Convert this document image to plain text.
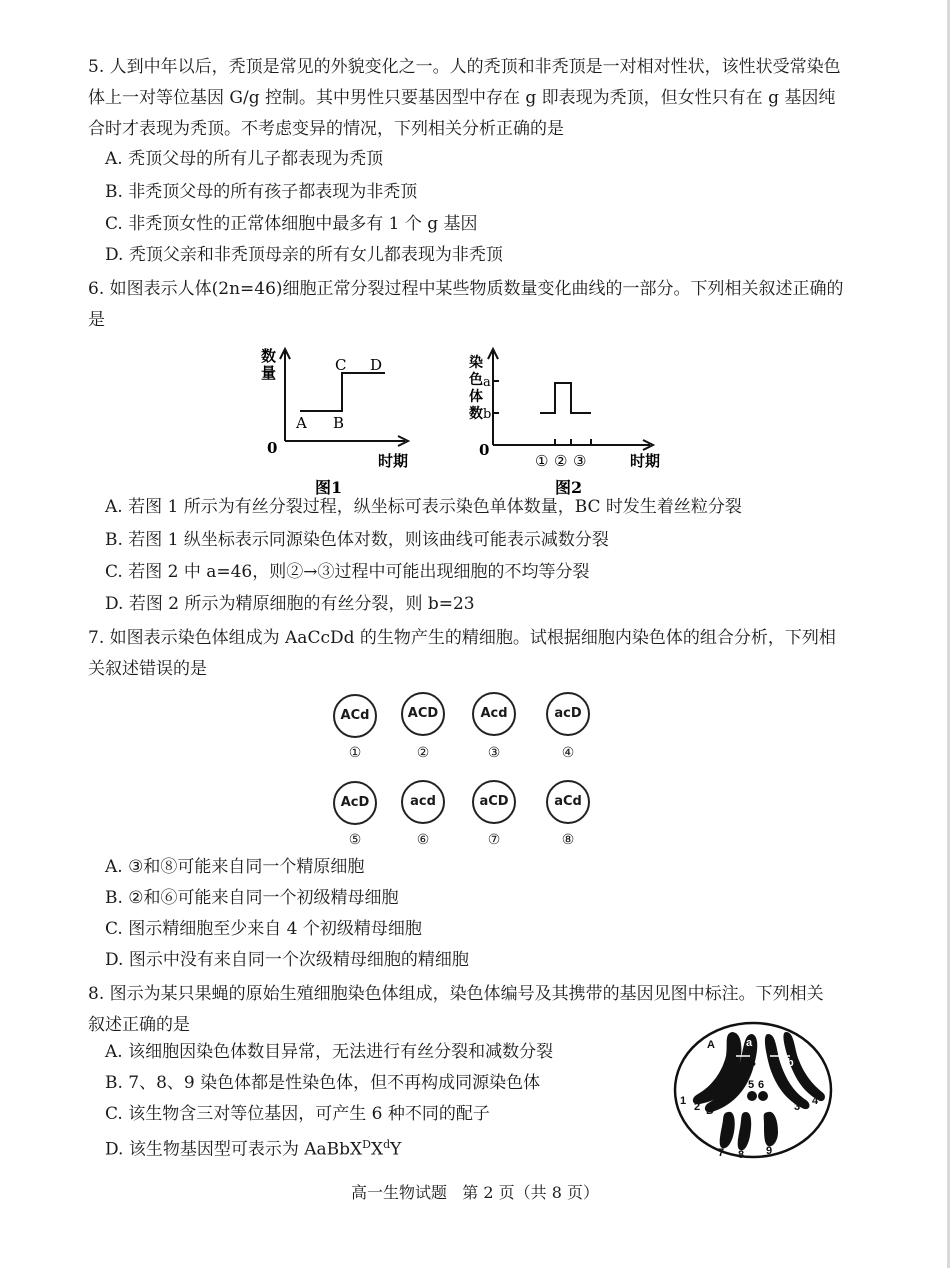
5. 人到中年以后，秃顶是常见的外貌变化之一。人的秃顶和非秃顶是一对相对性状，该性状受常染色体上一对等位基因 G/g 控制。其中男性只要基因型中存在 g 即表现为秃顶，但女性只有在 g 基因纯合时才表现为秃顶。不考虑变异的情况，下列相关分析正确的是
A. 秃顶父母的所有儿子都表现为秃顶
B. 非秃顶父母的所有孩子都表现为非秃顶
C. 非秃顶女性的正常体细胞中最多有 1 个 g 基因
D. 秃顶父亲和非秃顶母亲的所有女儿都表现为非秃顶
6. 如图表示人体(2n=46)细胞正常分裂过程中某些物质数量变化曲线的一部分。下列相关叙述正确的是
数
量
0
A B
C D
时期
图1
染
色
体
数
a
b
0
① ② ③	时期
图2
A. 若图 1 所示为有丝分裂过程，纵坐标可表示染色单体数量，BC 时发生着丝粒分裂
B. 若图 1 纵坐标表示同源染色体对数，则该曲线可能表示减数分裂
C. 若图 2 中 a=46，则②→③过程中可能出现细胞的不均等分裂
D. 若图 2 所示为精原细胞的有丝分裂，则 b=23
7. 如图表示染色体组成为 AaCcDd 的生物产生的精细胞。试根据细胞内染色体的组合分析，下列相关叙述错误的是
ACd
①
ACD
②
Acd
③
acD
④
AcD
⑤
acd
⑥
aCD
⑦
aCd
⑧
A. ③和⑧可能来自同一个精原细胞
B. ②和⑥可能来自同一个初级精母细胞
C. 图示精细胞至少来自 4 个初级精母细胞
D. 图示中没有来自同一个次级精母细胞的精细胞
8. 图示为某只果蝇的原始生殖细胞染色体组成，染色体编号及其携带的基因见图中标注。下列相关叙述正确的是
A. 该细胞因染色体数目异常，无法进行有丝分裂和减数分裂
B. 7、8、9 染色体都是性染色体，但不再构成同源染色体
C. 该生物含三对等位基因，可产生 6 种不同的配子
D. 该生物基因型可表示为 $AaBbX^DX^dY$
A	a
B	b
D d
1 2	3 4
5 6
7 8 9
高一生物试题   第 2 页（共 8 页）
